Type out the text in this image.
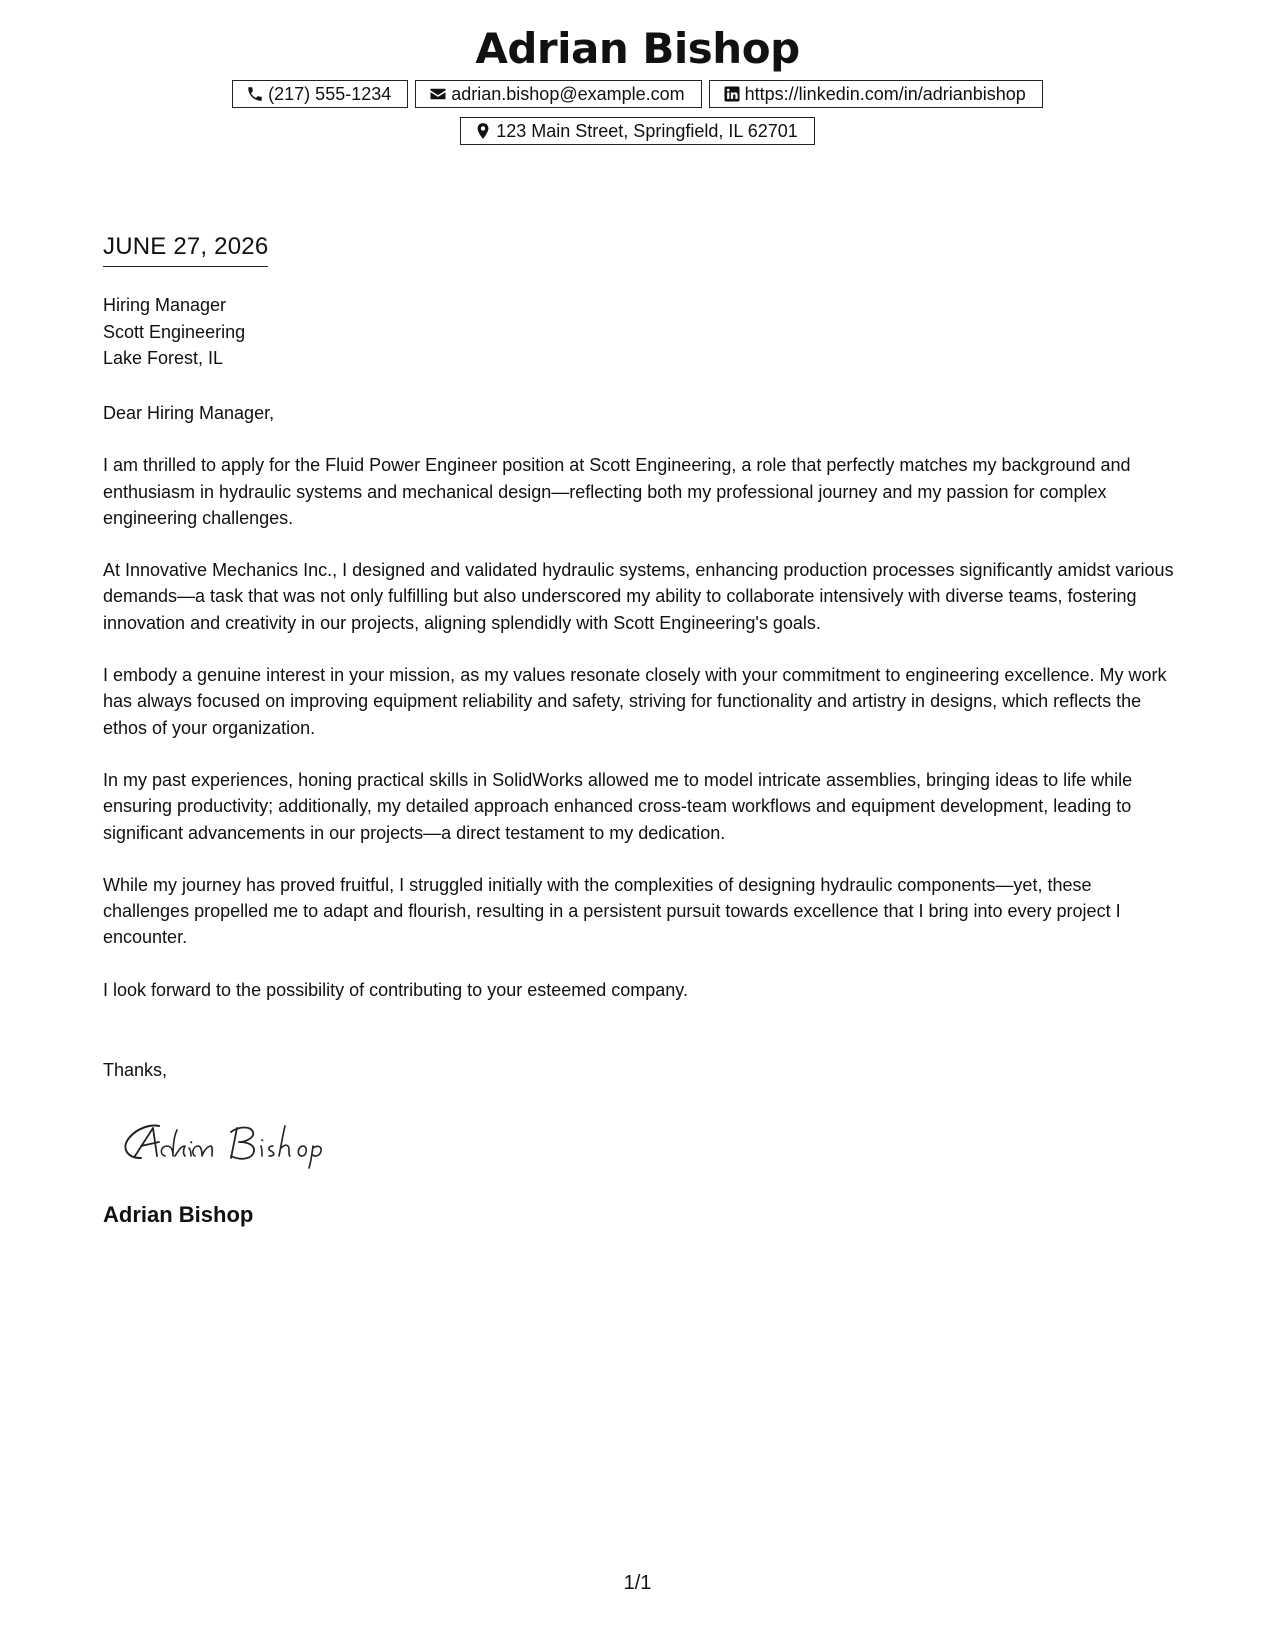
Adrian Bishop
(217) 555-1234	adrian.bishop@example.com	https://linkedin.com/in/adrianbishop
123 Main Street, Springfield, IL 62701
JUNE 27, 2026
Hiring Manager
Scott Engineering
Lake Forest, IL

Dear Hiring Manager,

I am thrilled to apply for the Fluid Power Engineer position at Scott Engineering, a role that perfectly matches my background and enthusiasm in hydraulic systems and mechanical design—reflecting both my professional journey and my passion for complex engineering challenges.

At Innovative Mechanics Inc., I designed and validated hydraulic systems, enhancing production processes significantly amidst various demands—a task that was not only fulfilling but also underscored my ability to collaborate intensively with diverse teams, fostering innovation and creativity in our projects, aligning splendidly with Scott Engineering's goals.

I embody a genuine interest in your mission, as my values resonate closely with your commitment to engineering excellence. My work has always focused on improving equipment reliability and safety, striving for functionality and artistry in designs, which reflects the ethos of your organization.

In my past experiences, honing practical skills in SolidWorks allowed me to model intricate assemblies, bringing ideas to life while ensuring productivity; additionally, my detailed approach enhanced cross-team workflows and equipment development, leading to significant advancements in our projects—a direct testament to my dedication.

While my journey has proved fruitful, I struggled initially with the complexities of designing hydraulic components—yet, these challenges propelled me to adapt and flourish, resulting in a persistent pursuit towards excellence that I bring into every project I encounter.

I look forward to the possibility of contributing to your esteemed company.

Thanks,
Adrian Bishop
1/1
